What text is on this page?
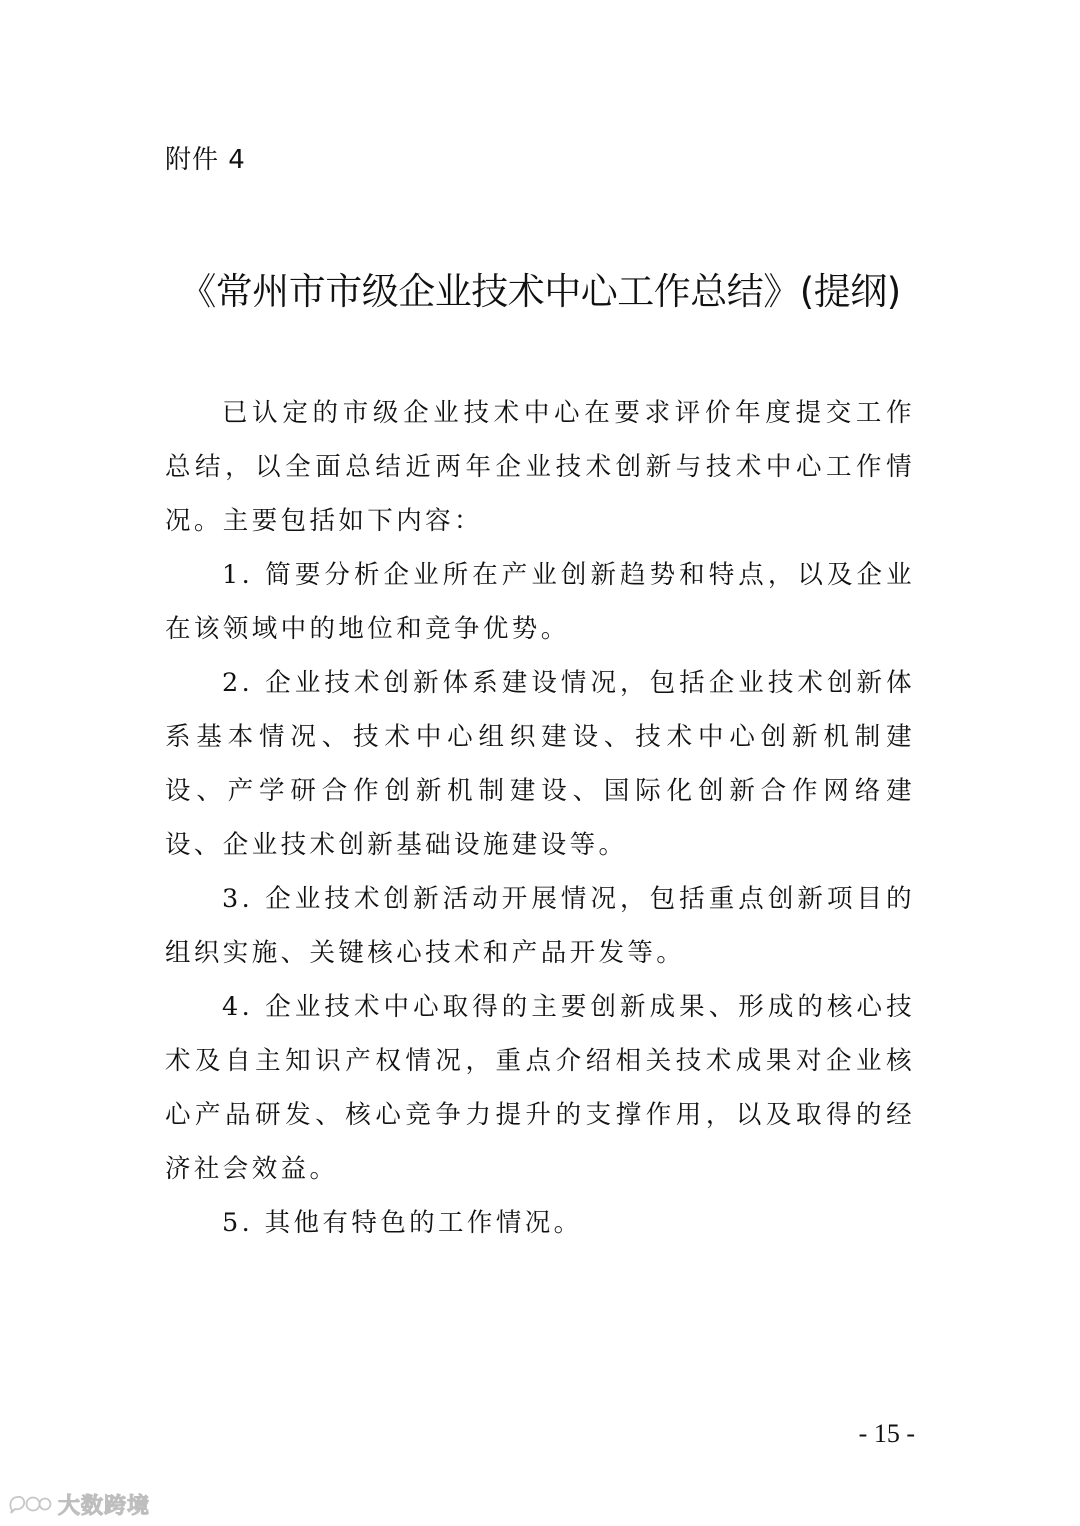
附件 4
《常州市市级企业技术中心工作总结》(提纲)

已认定的市级企业技术中心在要求评价年度提交工作总结，以全面总结近两年企业技术创新与技术中心工作情况。主要包括如下内容：

1. 简要分析企业所在产业创新趋势和特点，以及企业在该领域中的地位和竞争优势。

2. 企业技术创新体系建设情况，包括企业技术创新体系基本情况、技术中心组织建设、技术中心创新机制建设、产学研合作创新机制建设、国际化创新合作网络建设、企业技术创新基础设施建设等。

3. 企业技术创新活动开展情况，包括重点创新项目的组织实施、关键核心技术和产品开发等。

4. 企业技术中心取得的主要创新成果、形成的核心技术及自主知识产权情况，重点介绍相关技术成果对企业核心产品研发、核心竞争力提升的支撑作用，以及取得的经济社会效益。

5. 其他有特色的工作情况。

- 15 -
大数跨境
